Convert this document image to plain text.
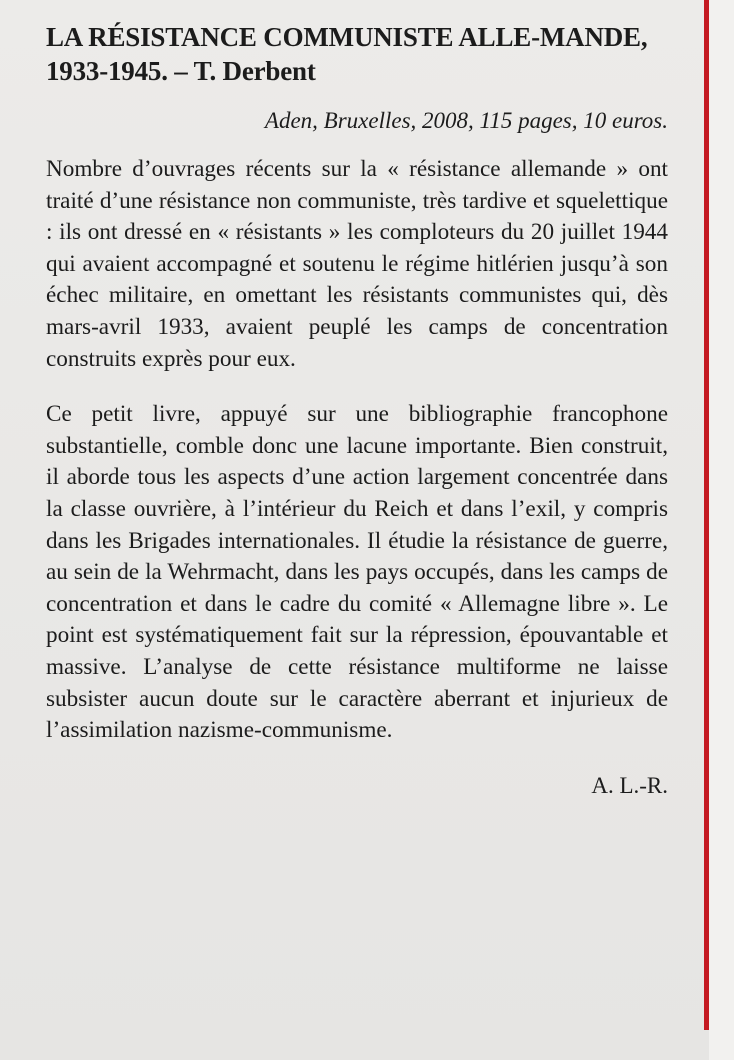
LA RÉSISTANCE COMMUNISTE ALLE-MANDE, 1933-1945. – T. Derbent

Aden, Bruxelles, 2008, 115 pages, 10 euros.

Nombre d’ouvrages récents sur la « résistance allemande » ont traité d’une résistance non communiste, très tardive et squelettique : ils ont dressé en « résistants » les comploteurs du 20 juillet 1944 qui avaient accompagné et soutenu le régime hitlérien jusqu’à son échec militaire, en omettant les résistants communistes qui, dès mars-avril 1933, avaient peuplé les camps de concentration construits exprès pour eux.

Ce petit livre, appuyé sur une bibliographie francophone substantielle, comble donc une lacune importante. Bien construit, il aborde tous les aspects d’une action largement concentrée dans la classe ouvrière, à l’intérieur du Reich et dans l’exil, y compris dans les Brigades internationales. Il étudie la résistance de guerre, au sein de la Wehrmacht, dans les pays occupés, dans les camps de concentration et dans le cadre du comité « Allemagne libre ». Le point est systématiquement fait sur la répression, épouvantable et massive. L’analyse de cette résistance multiforme ne laisse subsister aucun doute sur le caractère aberrant et injurieux de l’assimilation nazisme-communisme.

A. L.-R.
